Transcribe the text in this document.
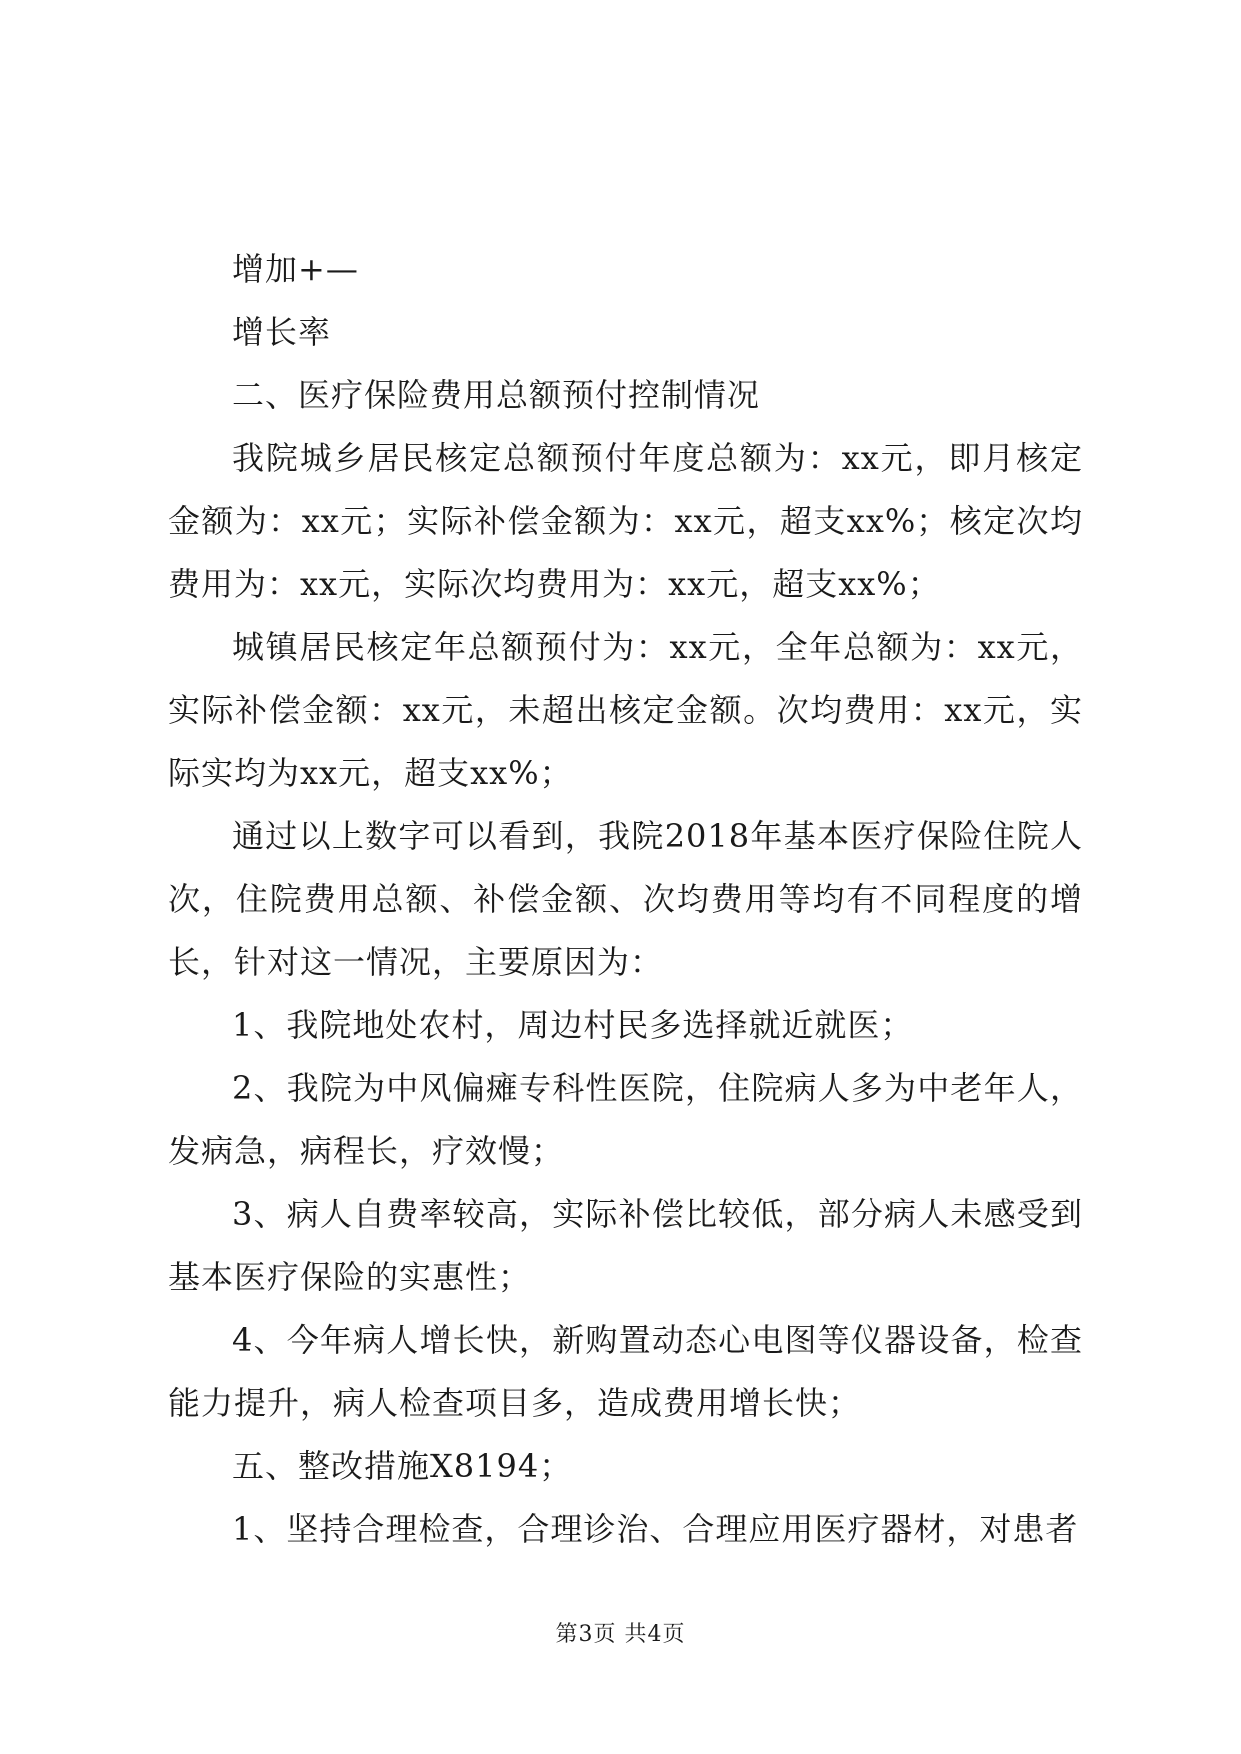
增加+—

增长率

二、医疗保险费用总额预付控制情况

我院城乡居民核定总额预付年度总额为：xx元，即月核定金额为：xx元；实际补偿金额为：xx元，超支xx%；核定次均费用为：xx元，实际次均费用为：xx元，超支xx%；

城镇居民核定年总额预付为：xx元，全年总额为：xx元，实际补偿金额：xx元，未超出核定金额。次均费用：xx元，实际实均为xx元，超支xx%；

通过以上数字可以看到，我院2018年基本医疗保险住院人次，住院费用总额、补偿金额、次均费用等均有不同程度的增长，针对这一情况，主要原因为：

1、我院地处农村，周边村民多选择就近就医；

2、我院为中风偏瘫专科性医院，住院病人多为中老年人，发病急，病程长，疗效慢；

3、病人自费率较高，实际补偿比较低，部分病人未感受到基本医疗保险的实惠性；

4、今年病人增长快，新购置动态心电图等仪器设备，检查能力提升，病人检查项目多，造成费用增长快；

五、整改措施X8194；

1、坚持合理检查，合理诊治、合理应用医疗器材，对患者

第3页 共4页
